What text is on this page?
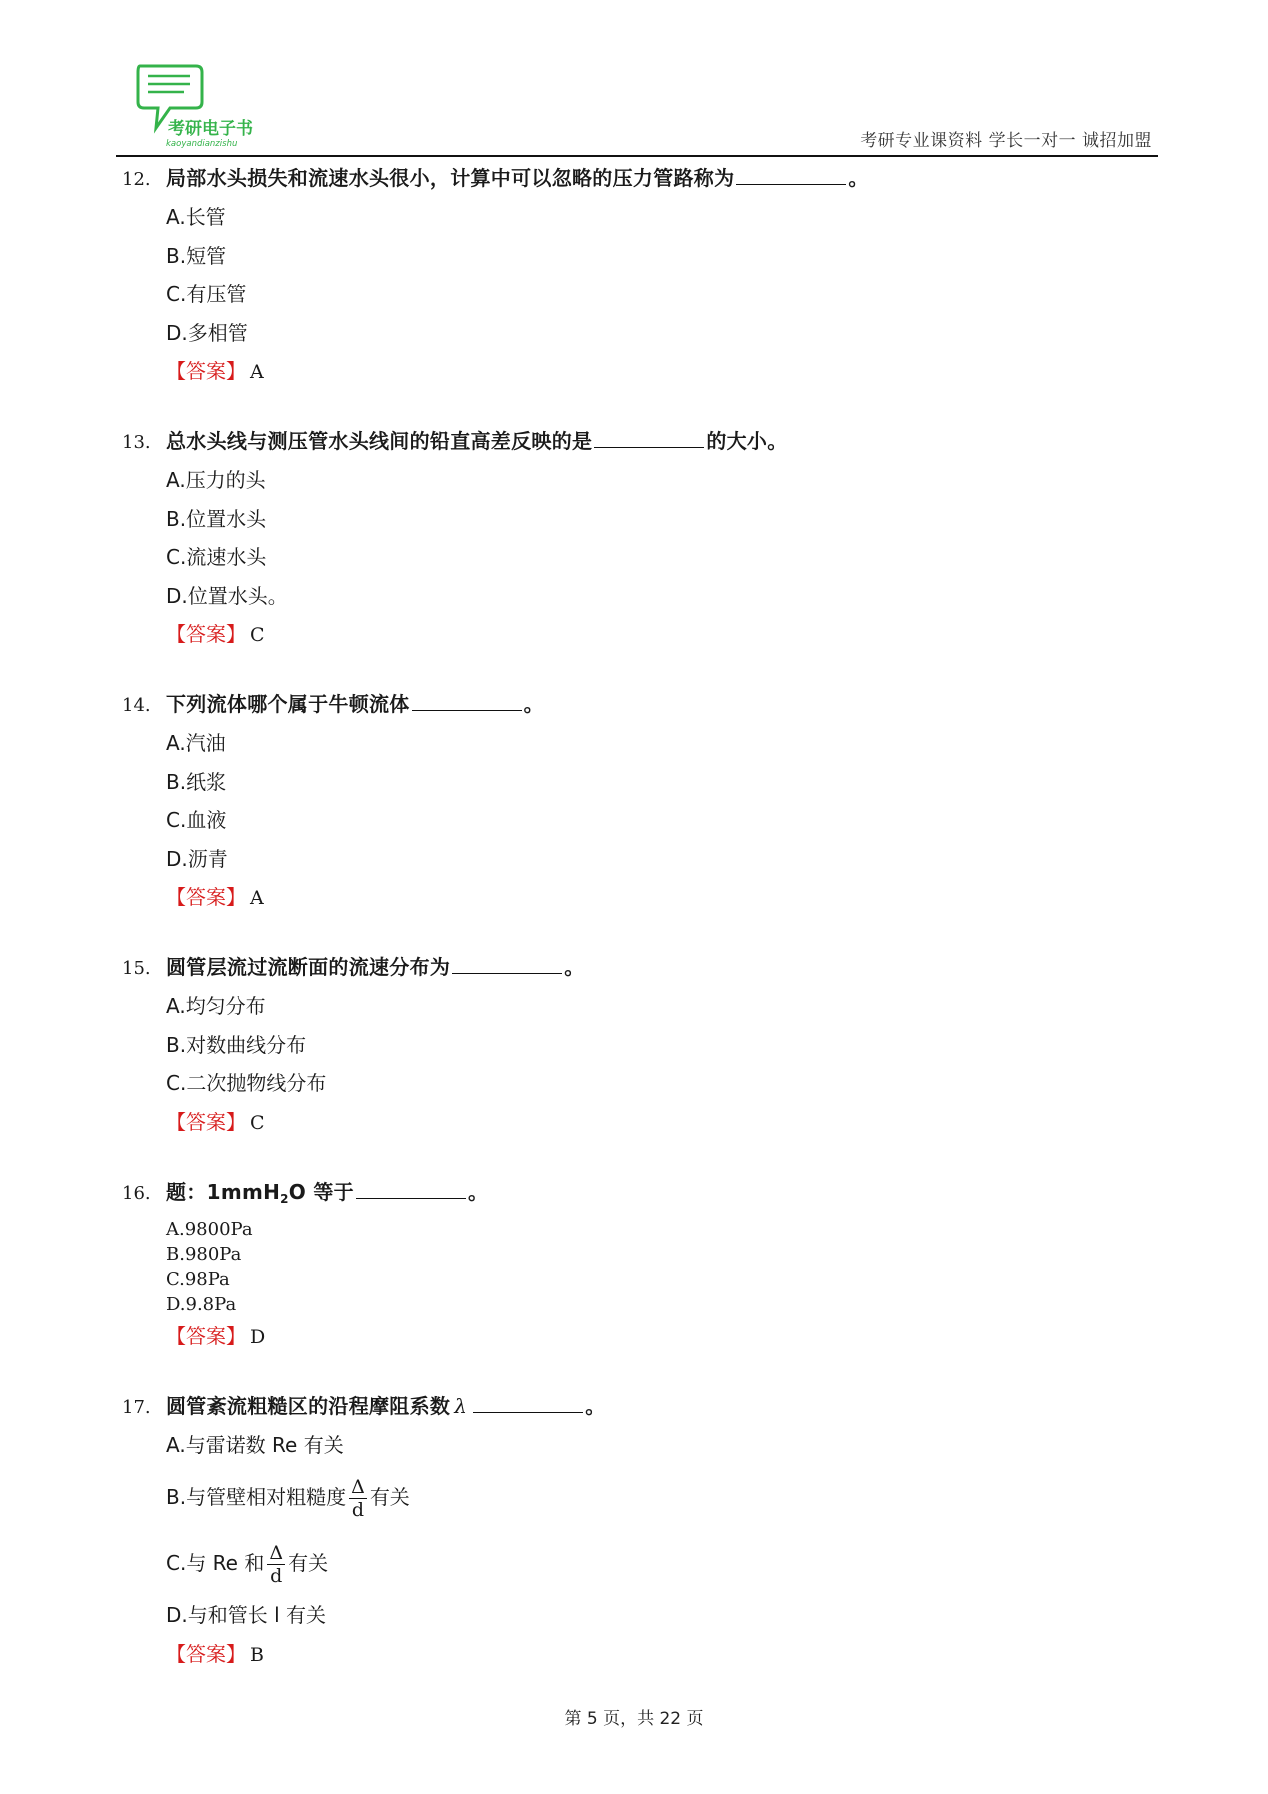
考研电子书
kaoyandianzishu	考研专业课资料 学长一对一 诚招加盟
12. 局部水头损失和流速水头很小，计算中可以忽略的压力管路称为	。
A.长管
B.短管
C.有压管
D.多相管
【答案】 A
13. 总水头线与测压管水头线间的铅直高差反映的是	的大小。
A.压力的头
B.位置水头
C.流速水头
D.位置水头。
【答案】 C
14. 下列流体哪个属于牛顿流体	。
A.汽油
B.纸浆
C.血液
D.沥青
【答案】 A
15. 圆管层流过流断面的流速分布为	。
A.均匀分布
B.对数曲线分布
C.二次抛物线分布
【答案】 C
16. 题：1mmH$_2$O 等于	。
A.9800Pa
B.980Pa
C.98Pa
D.9.8Pa
【答案】 D
17. 圆管紊流粗糙区的沿程摩阻系数 λ	。
A.与雷诺数 Re 有关
B.与管壁相对粗糙度 $\frac{\Delta}{d}$ 有关
C.与 Re 和 $\frac{\Delta}{d}$ 有关
D.与和管长 l 有关
【答案】 B
第 5 页，共 22 页
